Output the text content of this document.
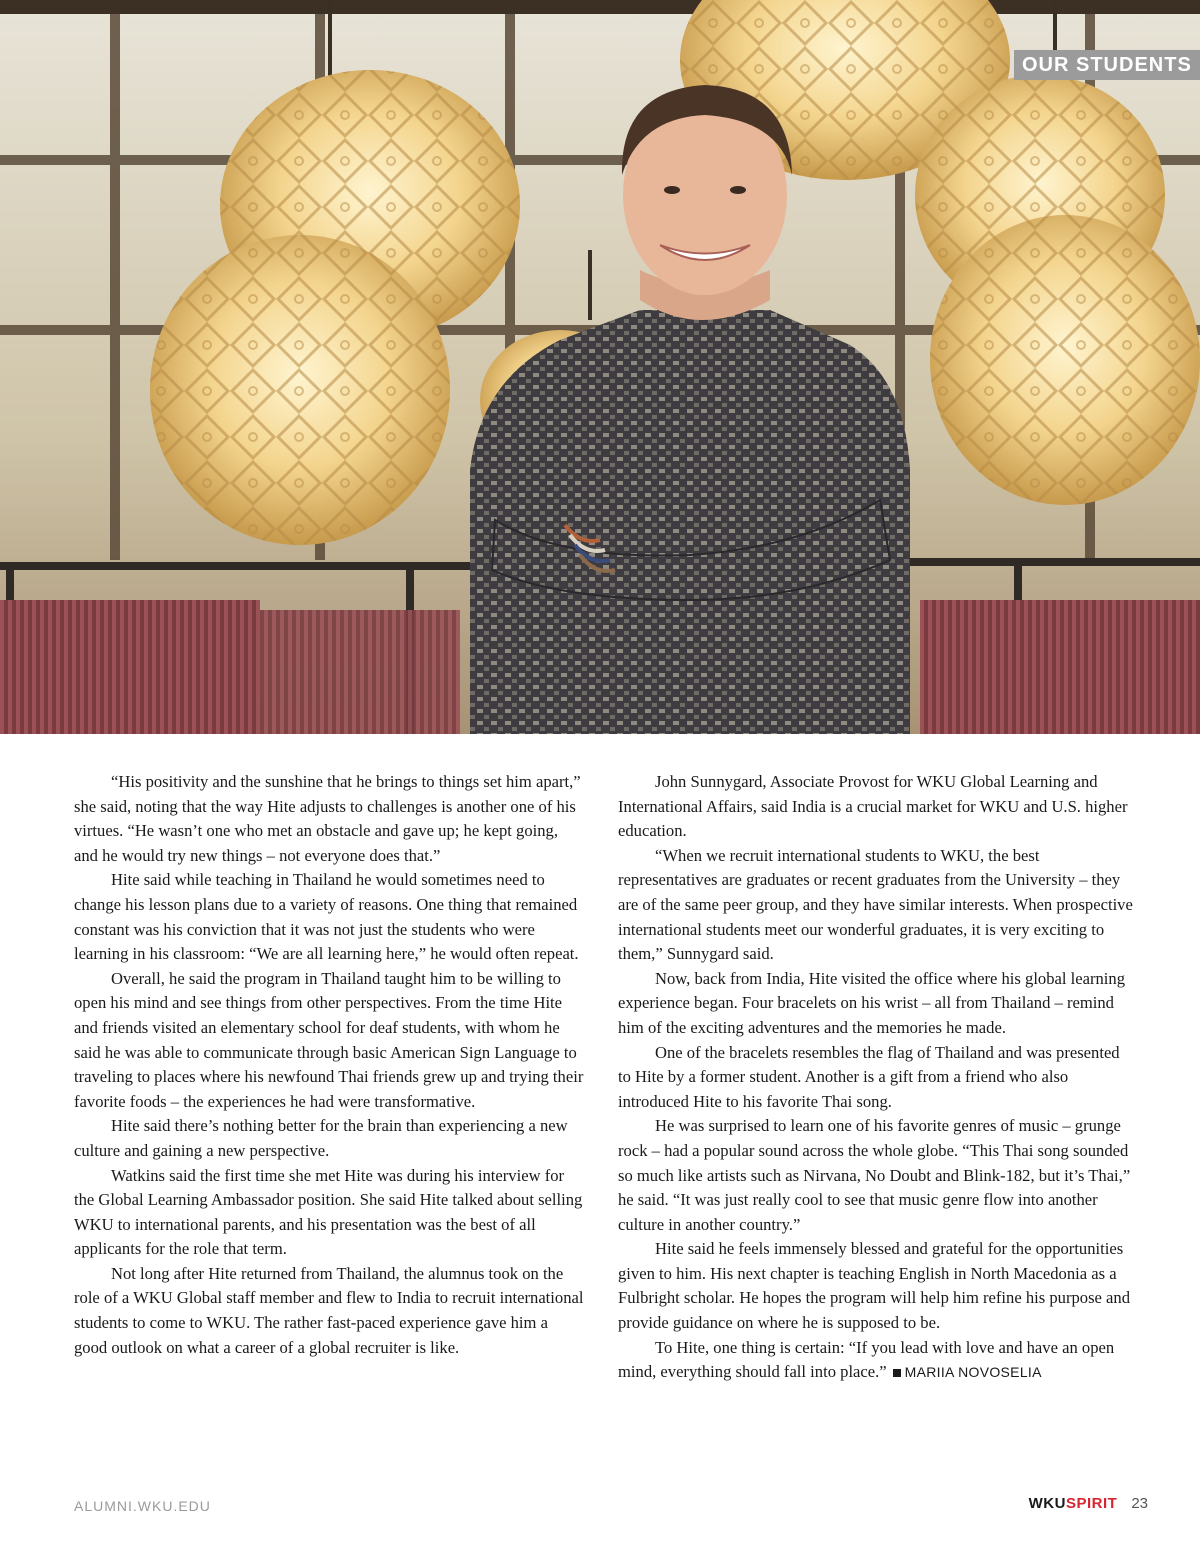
OUR STUDENTS

“His positivity and the sunshine that he brings to things set him apart,” she said, noting that the way Hite adjusts to challenges is another one of his virtues. “He wasn’t one who met an obstacle and gave up; he kept going, and he would try new things – not everyone does that.”

Hite said while teaching in Thailand he would sometimes need to change his lesson plans due to a variety of reasons. One thing that remained constant was his conviction that it was not just the students who were learning in his classroom: “We are all learning here,” he would often repeat.

Overall, he said the program in Thailand taught him to be willing to open his mind and see things from other perspectives. From the time Hite and friends visited an elementary school for deaf students, with whom he said he was able to communicate through basic American Sign Language to traveling to places where his newfound Thai friends grew up and trying their favorite foods – the experiences he had were transformative.

Hite said there’s nothing better for the brain than experiencing a new culture and gaining a new perspective.

Watkins said the first time she met Hite was during his interview for the Global Learning Ambassador position. She said Hite talked about selling WKU to international parents, and his presentation was the best of all applicants for the role that term.

Not long after Hite returned from Thailand, the alumnus took on the role of a WKU Global staff member and flew to India to recruit international students to come to WKU. The rather fast-paced experience gave him a good outlook on what a career of a global recruiter is like.

John Sunnygard, Associate Provost for WKU Global Learning and International Affairs, said India is a crucial market for WKU and U.S. higher education.

“When we recruit international students to WKU, the best representatives are graduates or recent graduates from the University – they are of the same peer group, and they have similar interests. When prospective international students meet our wonderful graduates, it is very exciting to them,” Sunnygard said.

Now, back from India, Hite visited the office where his global learning experience began. Four bracelets on his wrist – all from Thailand – remind him of the exciting adventures and the memories he made.

One of the bracelets resembles the flag of Thailand and was presented to Hite by a former student. Another is a gift from a friend who also introduced Hite to his favorite Thai song.

He was surprised to learn one of his favorite genres of music – grunge rock – had a popular sound across the whole globe. “This Thai song sounded so much like artists such as Nirvana, No Doubt and Blink-182, but it’s Thai,” he said. “It was just really cool to see that music genre flow into another culture in another country.”

Hite said he feels immensely blessed and grateful for the opportunities given to him. His next chapter is teaching English in North Macedonia as a Fulbright scholar. He hopes the program will help him refine his purpose and provide guidance on where he is supposed to be.

To Hite, one thing is certain: “If you lead with love and have an open mind, everything should fall into place.” MARIIA NOVOSELIA

ALUMNI.WKU.EDU	WKUSPIRIT 23
